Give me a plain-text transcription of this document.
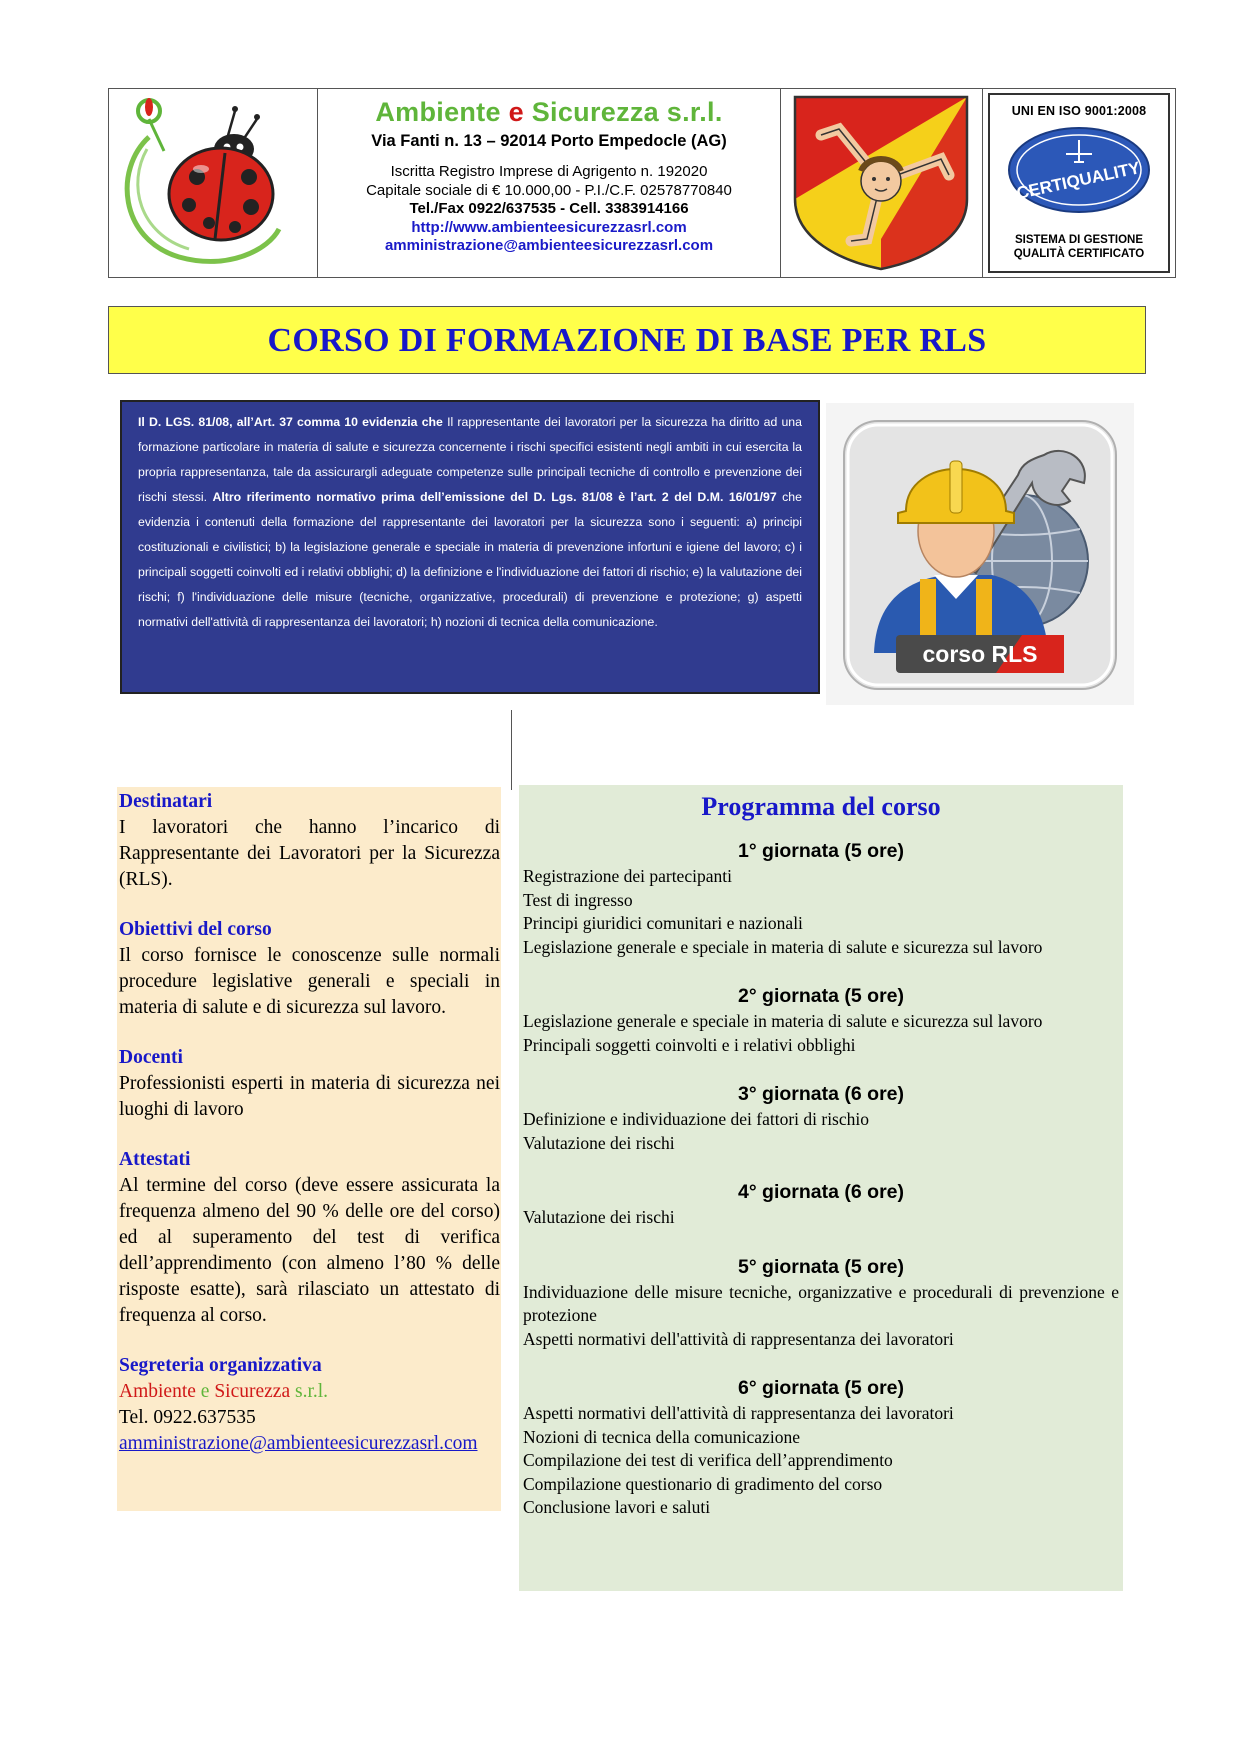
Ambiente e Sicurezza s.r.l.
Via Fanti n. 13 – 92014 Porto Empedocle (AG)
Iscritta Registro Imprese di Agrigento n. 192020
Capitale sociale di € 10.000,00 - P.I./C.F. 02578770840
Tel./Fax 0922/637535 - Cell. 3383914166
http://www.ambienteesicurezzasrl.com
amministrazione@ambienteesicurezzasrl.com
UNI EN ISO 9001:2008
CERTIQUALITY
SISTEMA DI GESTIONE
QUALITÀ CERTIFICATO
CORSO DI FORMAZIONE DI BASE PER RLS
Il D. LGS. 81/08, all’Art. 37 comma 10 evidenzia che Il rappresentante dei lavoratori per la sicurezza ha diritto ad una formazione particolare in materia di salute e sicurezza concernente i rischi specifici esistenti negli ambiti in cui esercita la propria rappresentanza, tale da assicurargli adeguate competenze sulle principali tecniche di controllo e prevenzione dei rischi stessi. Altro riferimento normativo prima dell’emissione del D. Lgs. 81/08 è l’art. 2 del D.M. 16/01/97 che evidenzia i contenuti della formazione del rappresentante dei lavoratori per la sicurezza sono i seguenti: a) principi costituzionali e civilistici; b) la legislazione generale e speciale in materia di prevenzione infortuni e igiene del lavoro; c) i principali soggetti coinvolti ed i relativi obblighi; d) la definizione e l'individuazione dei fattori di rischio; e) la valutazione dei rischi; f) l'individuazione delle misure (tecniche, organizzative, procedurali) di prevenzione e protezione; g) aspetti normativi dell'attività di rappresentanza dei lavoratori; h) nozioni di tecnica della comunicazione.
corso RLS
Destinatari

I lavoratori che hanno l’incarico di Rappresentante dei Lavoratori per la Sicurezza (RLS).

Obiettivi del corso

Il corso fornisce le conoscenze sulle normali procedure legislative generali e speciali in materia di salute e di sicurezza sul lavoro.

Docenti

Professionisti esperti in materia di sicurezza nei luoghi di lavoro

Attestati

Al termine del corso (deve essere assicurata la frequenza almeno del 90 % delle ore del corso) ed al superamento del test di verifica dell’apprendimento (con almeno l’80 % delle risposte esatte), sarà rilasciato un attestato di frequenza al corso.

Segreteria organizzativa
Ambiente e Sicurezza s.r.l.
Tel. 0922.637535
amministrazione@ambienteesicurezzasrl.com
Programma del corso
1° giornata (5 ore)
Registrazione dei partecipanti
Test di ingresso
Principi giuridici comunitari e nazionali
Legislazione generale e speciale in materia di salute e sicurezza sul lavoro
2° giornata (5 ore)
Legislazione generale e speciale in materia di salute e sicurezza sul lavoro
Principali soggetti coinvolti e i relativi obblighi
3° giornata (6 ore)
Definizione e individuazione dei fattori di rischio
Valutazione dei rischi
4° giornata (6 ore)
Valutazione dei rischi
5° giornata (5 ore)
Individuazione delle misure tecniche, organizzative e procedurali di prevenzione e protezione
Aspetti normativi dell'attività di rappresentanza dei lavoratori
6° giornata (5 ore)
Aspetti normativi dell'attività di rappresentanza dei lavoratori
Nozioni di tecnica della comunicazione
Compilazione dei test di verifica dell’apprendimento
Compilazione questionario di gradimento del corso
Conclusione lavori e saluti
